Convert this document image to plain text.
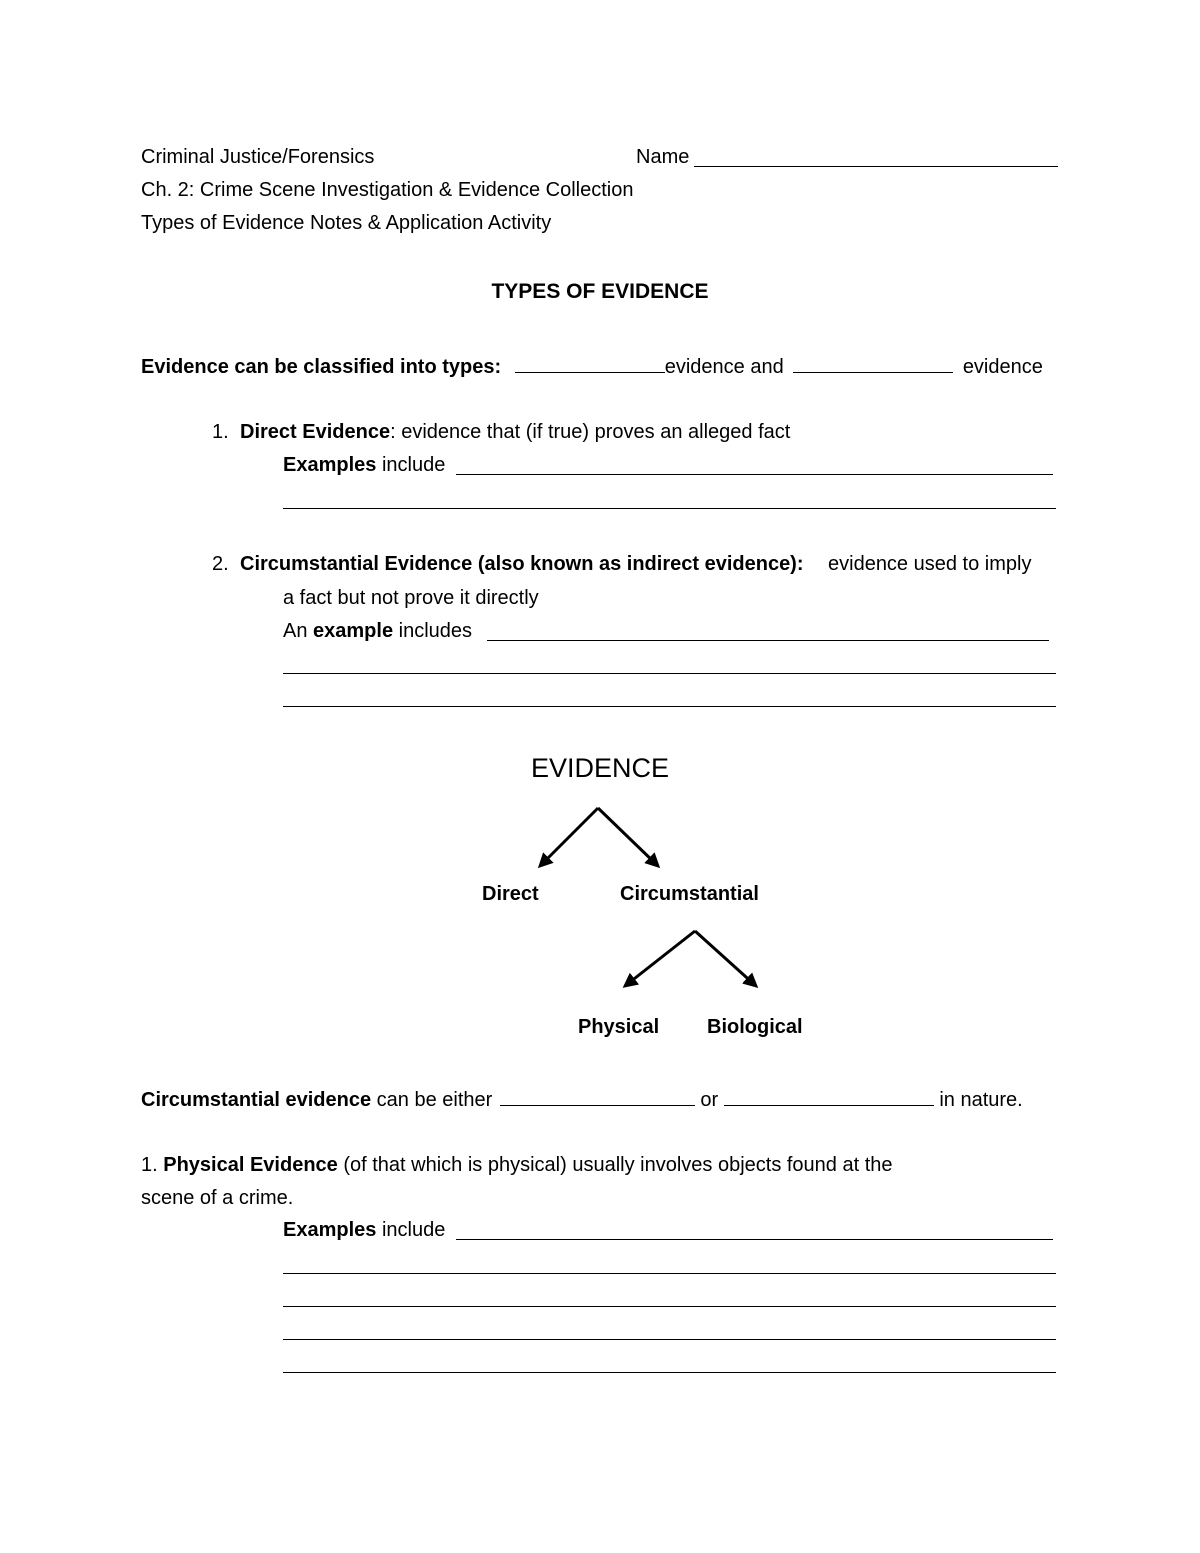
Criminal Justice/Forensics	Name
Ch. 2: Crime Scene Investigation & Evidence Collection
Types of Evidence Notes & Application Activity
TYPES OF EVIDENCE
Evidence can be classified into types:	evidence and	evidence
1. Direct Evidence: evidence that (if true) proves an alleged fact
Examples include
2. Circumstantial Evidence (also known as indirect evidence): evidence used to imply
a fact but not prove it directly
An example includes
EVIDENCE
Direct	Circumstantial
Physical Biological
Circumstantial evidence can be either	or	in nature.
1. Physical Evidence (of that which is physical) usually involves objects found at the
scene of a crime.
Examples include
